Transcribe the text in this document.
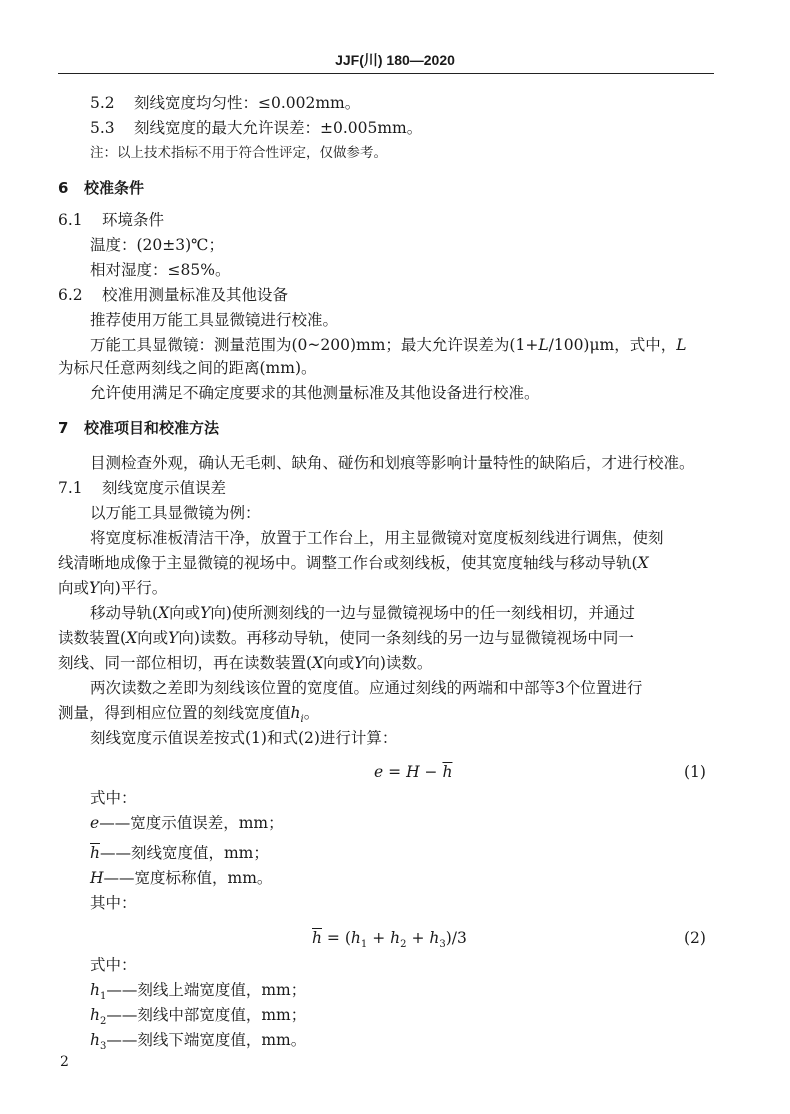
JJF(川) 180—2020
5.2 刻线宽度均匀性：≤0.002mm。
5.3 刻线宽度的最大允许误差：±0.005mm。
注：以上技术指标不用于符合性评定，仅做参考。
6 校准条件
6.1 环境条件
温度：(20±3)℃；
相对湿度：≤85%。
6.2 校准用测量标准及其他设备
推荐使用万能工具显微镜进行校准。
万能工具显微镜：测量范围为(0~200)mm；最大允许误差为(1+L/100)μm，式中，L
为标尺任意两刻线之间的距离(mm)。
允许使用满足不确定度要求的其他测量标准及其他设备进行校准。
7 校准项目和校准方法
目测检查外观，确认无毛刺、缺角、碰伤和划痕等影响计量特性的缺陷后，才进行校准。
7.1 刻线宽度示值误差
以万能工具显微镜为例：
将宽度标准板清洁干净，放置于工作台上，用主显微镜对宽度板刻线进行调焦，使刻
线清晰地成像于主显微镜的视场中。调整工作台或刻线板，使其宽度轴线与移动导轨(X
向或Y向)平行。
移动导轨(X向或Y向)使所测刻线的一边与显微镜视场中的任一刻线相切，并通过
读数装置(X向或Y向)读数。再移动导轨，使同一条刻线的另一边与显微镜视场中同一
刻线、同一部位相切，再在读数装置(X向或Y向)读数。
两次读数之差即为刻线该位置的宽度值。应通过刻线的两端和中部等3个位置进行
测量，得到相应位置的刻线宽度值$h_i$。
刻线宽度示值误差按式(1)和式(2)进行计算：
$e = H - \overline{h}$	(1)
式中：
e——宽度示值误差，mm；
$\overline{h}——$刻线宽度值，mm；
H——宽度标称值，mm。
其中：
$\overline{h} = (h_1 + h_2 + h_3)/3$	(2)
式中：
$h_1——$刻线上端宽度值，mm；
$h_2——$刻线中部宽度值，mm；
$h_3——$刻线下端宽度值，mm。
2
